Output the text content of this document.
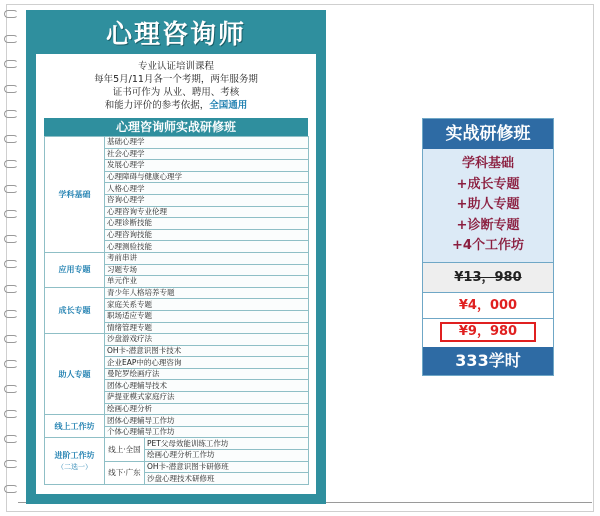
心理咨询师
专业认证培训课程
每年5月/11月各一个考期，两年服务期
证书可作为 从业、聘用、考核
和能力评价的参考依据，全国通用
心理咨询师实战研修班
学科基础	基础心理学	
	社会心理学	
	发展心理学	
	心理障碍与健康心理学	
	人格心理学	
	咨询心理学	
	心理咨询专业伦理	
	心理诊断技能	
	心理咨询技能	
	心理测验技能	
应用专题	考前串讲	
	习题专场	
	单元作业	
成长专题	青少年人格培养专题	
	家庭关系专题	
	职场适应专题	
	情绪管理专题	
助人专题	沙盘游戏疗法	
	OH卡-潜意识图卡技术	
	企业EAP中的心理咨询	
	曼陀罗绘画疗法	
	团体心理辅导技术	
	萨提亚模式家庭疗法	
	绘画心理分析	
线上工作坊	团体心理辅导工作坊	
	个体心理辅导工作坊	
进阶工作坊
（二选一）	线上·全国	PET父母效能训练工作坊
		绘画心理分析工作坊
	线下·广东	OH卡-潜意识图卡研修班
		沙盘心理技术研修班
实战研修班
学科基础
+成长专题
+助人专题
+诊断专题
+4个工作坊
¥13，980
¥4，000
¥9，980
333学时
